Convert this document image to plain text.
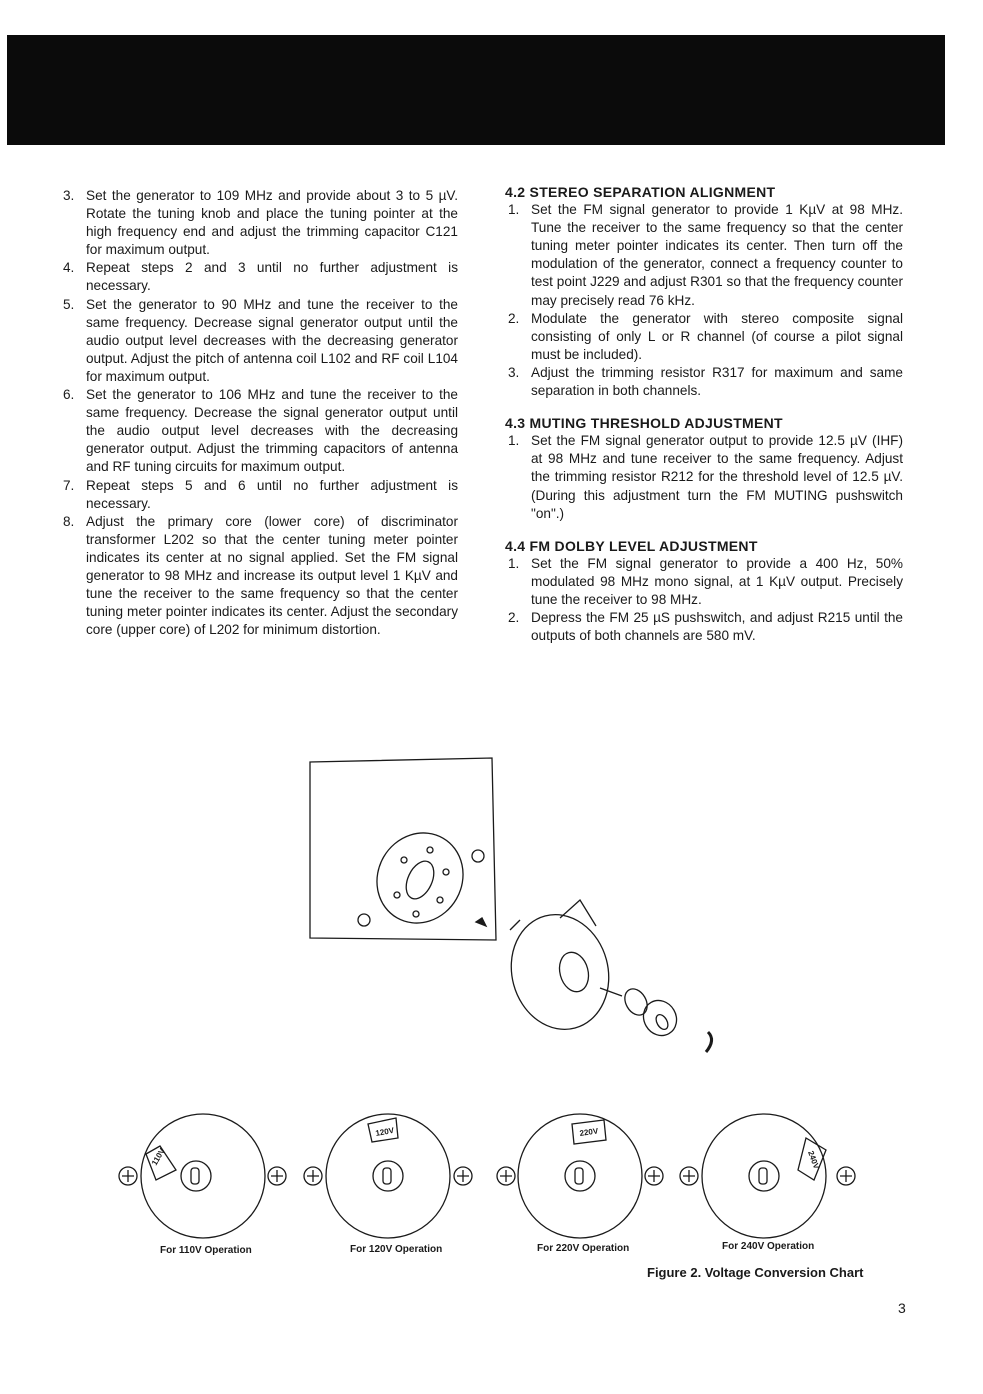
3. Set the generator to 109 MHz and provide about 3 to 5 µV. Rotate the tuning knob and place the tuning pointer at the high frequency end and adjust the trimming capacitor C121 for maximum output.
4. Repeat steps 2 and 3 until no further adjustment is necessary.
5. Set the generator to 90 MHz and tune the receiver to the same frequency. Decrease signal generator output until the audio output level decreases with the decreasing generator output. Adjust the pitch of antenna coil L102 and RF coil L104 for maximum output.
6. Set the generator to 106 MHz and tune the receiver to the same frequency. Decrease the signal generator output until the audio output level decreases with the decreasing generator output. Adjust the trimming capacitors of antenna and RF tuning circuits for maximum output.
7. Repeat steps 5 and 6 until no further adjustment is necessary.
8. Adjust the primary core (lower core) of discriminator transformer L202 so that the center tuning meter pointer indicates its center at no signal applied. Set the FM signal generator to 98 MHz and increase its output level 1 KµV and tune the receiver to the same frequency so that the center tuning meter pointer indicates its center. Adjust the secondary core (upper core) of L202 for minimum distortion.
4.2 STEREO SEPARATION ALIGNMENT
1. Set the FM signal generator to provide 1 KµV at 98 MHz. Tune the receiver to the same frequency so that the center tuning meter pointer indicates its center. Then turn off the modulation of the generator, connect a frequency counter to test point J229 and adjust R301 so that the frequency counter may precisely read 76 kHz.
2. Modulate the generator with stereo composite signal consisting of only L or R channel (of course a pilot signal must be included).
3. Adjust the trimming resistor R317 for maximum and same separation in both channels.
4.3 MUTING THRESHOLD ADJUSTMENT
1. Set the FM signal generator output to provide 12.5 µV (IHF) at 98 MHz and tune receiver to the same frequency. Adjust the trimming resistor R212 for the threshold level of 12.5 µV. (During this adjustment turn the FM MUTING pushswitch "on".)
4.4 FM DOLBY LEVEL ADJUSTMENT
1. Set the FM signal generator to provide a 400 Hz, 50% modulated 98 MHz mono signal, at 1 KµV output. Precisely tune the receiver to 98 MHz.
2. Depress the FM 25 µS pushswitch, and adjust R215 until the outputs of both channels are 580 mV.
110V
120V	220V
240V
For 110V Operation	For 120V Operation	For 220V Operation	For 240V Operation
Figure 2. Voltage Conversion Chart
3
